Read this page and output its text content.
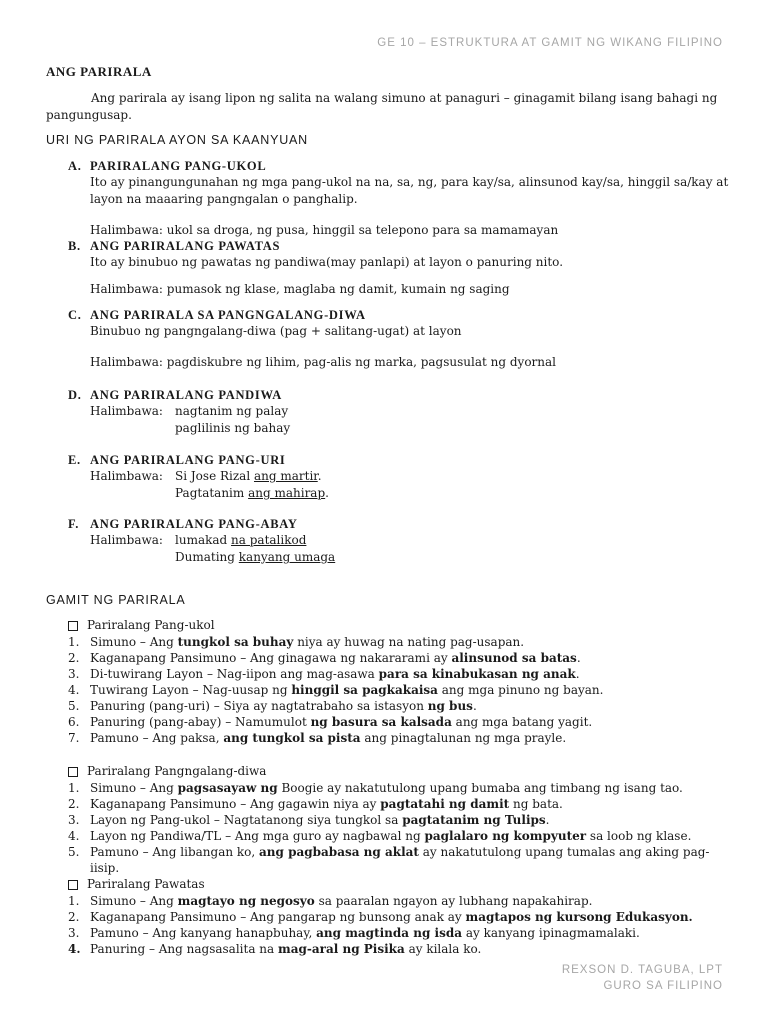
GE 10 – ESTRUKTURA AT GAMIT NG WIKANG FILIPINO
ANG PARIRALA

Ang parirala ay isang lipon ng salita na walang simuno at panaguri – ginagamit bilang isang bahagi ng pangungusap.

URI NG PARIRALA AYON SA KAANYUAN
A. PARIRALANG PANG-UKOL
Ito ay pinangungunahan ng mga pang-ukol na na, sa, ng, para kay/sa, alinsunod kay/sa, hinggil sa/kay at layon na maaaring pangngalan o panghalip.
Halimbawa: ukol sa droga, ng pusa, hinggil sa telepono para sa mamamayan
B. ANG PARIRALANG PAWATAS
Ito ay binubuo ng pawatas ng pandiwa(may panlapi) at layon o panuring nito.
Halimbawa: pumasok ng klase, maglaba ng damit, kumain ng saging
C. ANG PARIRALA SA PANGNGALANG-DIWA
Binubuo ng pangngalang-diwa (pag + salitang-ugat) at layon
Halimbawa: pagdiskubre ng lihim, pag-alis ng marka, pagsusulat ng dyornal
D. ANG PARIRALANG PANDIWA
Halimbawa:	nagtanim ng palay
paglilinis ng bahay
E. ANG PARIRALANG PANG-URI
Halimbawa:	Si Jose Rizal ang martir.
Pagtatanim ang mahirap.
F. ANG PARIRALANG PANG-ABAY
Halimbawa:	lumakad na patalikod
Dumating kanyang umaga
GAMIT NG PARIRALA
Pariralang Pang-ukol
1. Simuno – Ang tungkol sa buhay niya ay huwag na nating pag-usapan.
2. Kaganapang Pansimuno – Ang ginagawa ng nakararami ay alinsunod sa batas.
3. Di-tuwirang Layon – Nag-iipon ang mag-asawa para sa kinabukasan ng anak.
4. Tuwirang Layon – Nag-uusap ng hinggil sa pagkakaisa ang mga pinuno ng bayan.
5. Panuring (pang-uri) – Siya ay nagtatrabaho sa istasyon ng bus.
6. Panuring (pang-abay) – Namumulot ng basura sa kalsada ang mga batang yagit.
7. Pamuno – Ang paksa, ang tungkol sa pista ang pinagtalunan ng mga prayle.
Pariralang Pangngalang-diwa
1. Simuno – Ang pagsasayaw ng Boogie ay nakatutulong upang bumaba ang timbang ng isang tao.
2. Kaganapang Pansimuno – Ang gagawin niya ay pagtatahi ng damit ng bata.
3. Layon ng Pang-ukol – Nagtatanong siya tungkol sa pagtatanim ng Tulips.
4. Layon ng Pandiwa/TL – Ang mga guro ay nagbawal ng paglalaro ng kompyuter sa loob ng klase.
5. Pamuno – Ang libangan ko, ang pagbabasa ng aklat ay nakatutulong upang tumalas ang aking pag-iisip.
Pariralang Pawatas
1. Simuno – Ang magtayo ng negosyo sa paaralan ngayon ay lubhang napakahirap.
2. Kaganapang Pansimuno – Ang pangarap ng bunsong anak ay magtapos ng kursong Edukasyon.
3. Pamuno – Ang kanyang hanapbuhay, ang magtinda ng isda ay kanyang ipinagmamalaki.
4. Panuring – Ang nagsasalita na mag-aral ng Pisika ay kilala ko.
REXSON D. TAGUBA, LPT
GURO SA FILIPINO
